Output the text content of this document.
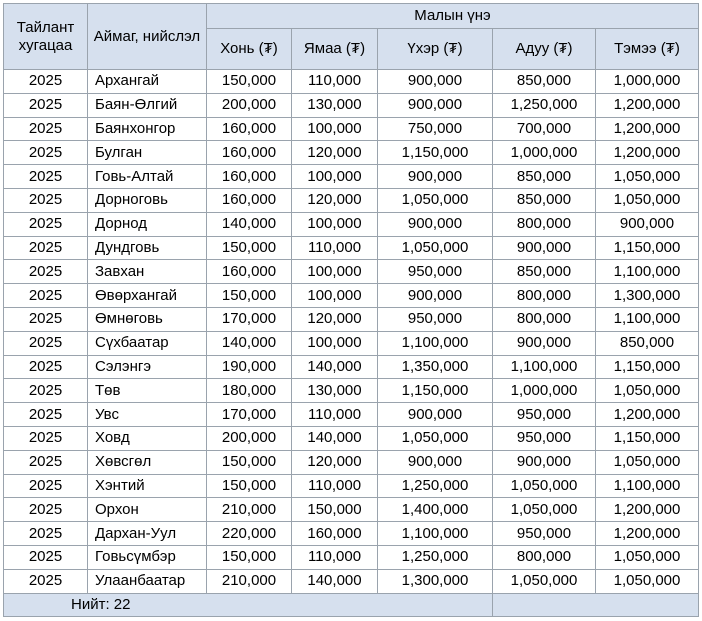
Тайлант хугацаа	Аймаг, нийслэл	Малын үнэ				
		Хонь (₮)	Ямаа (₮)	Үхэр (₮)	Адуу (₮)	Тэмээ (₮)
2025	Архангай	150,000	110,000	900,000	850,000	1,000,000
2025	Баян-Өлгий	200,000	130,000	900,000	1,250,000	1,200,000
2025	Баянхонгор	160,000	100,000	750,000	700,000	1,200,000
2025	Булган	160,000	120,000	1,150,000	1,000,000	1,200,000
2025	Говь-Алтай	160,000	100,000	900,000	850,000	1,050,000
2025	Дорноговь	160,000	120,000	1,050,000	850,000	1,050,000
2025	Дорнод	140,000	100,000	900,000	800,000	900,000
2025	Дундговь	150,000	110,000	1,050,000	900,000	1,150,000
2025	Завхан	160,000	100,000	950,000	850,000	1,100,000
2025	Өвөрхангай	150,000	100,000	900,000	800,000	1,300,000
2025	Өмнөговь	170,000	120,000	950,000	800,000	1,100,000
2025	Сүхбаатар	140,000	100,000	1,100,000	900,000	850,000
2025	Сэлэнгэ	190,000	140,000	1,350,000	1,100,000	1,150,000
2025	Төв	180,000	130,000	1,150,000	1,000,000	1,050,000
2025	Увс	170,000	110,000	900,000	950,000	1,200,000
2025	Ховд	200,000	140,000	1,050,000	950,000	1,150,000
2025	Хөвсгөл	150,000	120,000	900,000	900,000	1,050,000
2025	Хэнтий	150,000	110,000	1,250,000	1,050,000	1,100,000
2025	Орхон	210,000	150,000	1,400,000	1,050,000	1,200,000
2025	Дархан-Уул	220,000	160,000	1,100,000	950,000	1,200,000
2025	Говьсүмбэр	150,000	110,000	1,250,000	800,000	1,050,000
2025	Улаанбаатар	210,000	140,000	1,300,000	1,050,000	1,050,000
Нийт: 22						
